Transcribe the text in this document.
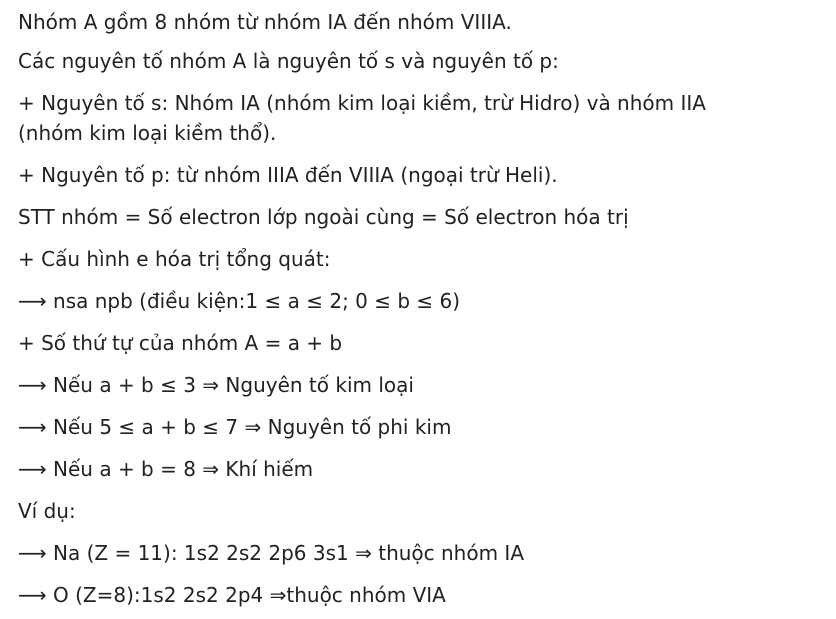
Nhóm A gồm 8 nhóm từ nhóm IA đến nhóm VIIIA.

Các nguyên tố nhóm A là nguyên tố s và nguyên tố p:

+ Nguyên tố s: Nhóm IA (nhóm kim loại kiềm, trừ Hidro) và nhóm IIA

(nhóm kim loại kiềm thổ).

+ Nguyên tố p: từ nhóm IIIA đến VIIIA (ngoại trừ Heli).

STT nhóm = Số electron lớp ngoài cùng = Số electron hóa trị

+ Cấu hình e hóa trị tổng quát:

⟶ nsa npb (điều kiện:1 ≤ a ≤ 2; 0 ≤ b ≤ 6)

+ Số thứ tự của nhóm A = a + b

⟶ Nếu a + b ≤ 3 ⇒ Nguyên tố kim loại

⟶ Nếu 5 ≤ a + b ≤ 7 ⇒ Nguyên tố phi kim

⟶ Nếu a + b = 8 ⇒ Khí hiếm

Ví dụ:

⟶ Na (Z = 11): 1s2 2s2 2p6 3s1 ⇒ thuộc nhóm IA

⟶ O (Z=8):1s2 2s2 2p4 ⇒thuộc nhóm VIA
